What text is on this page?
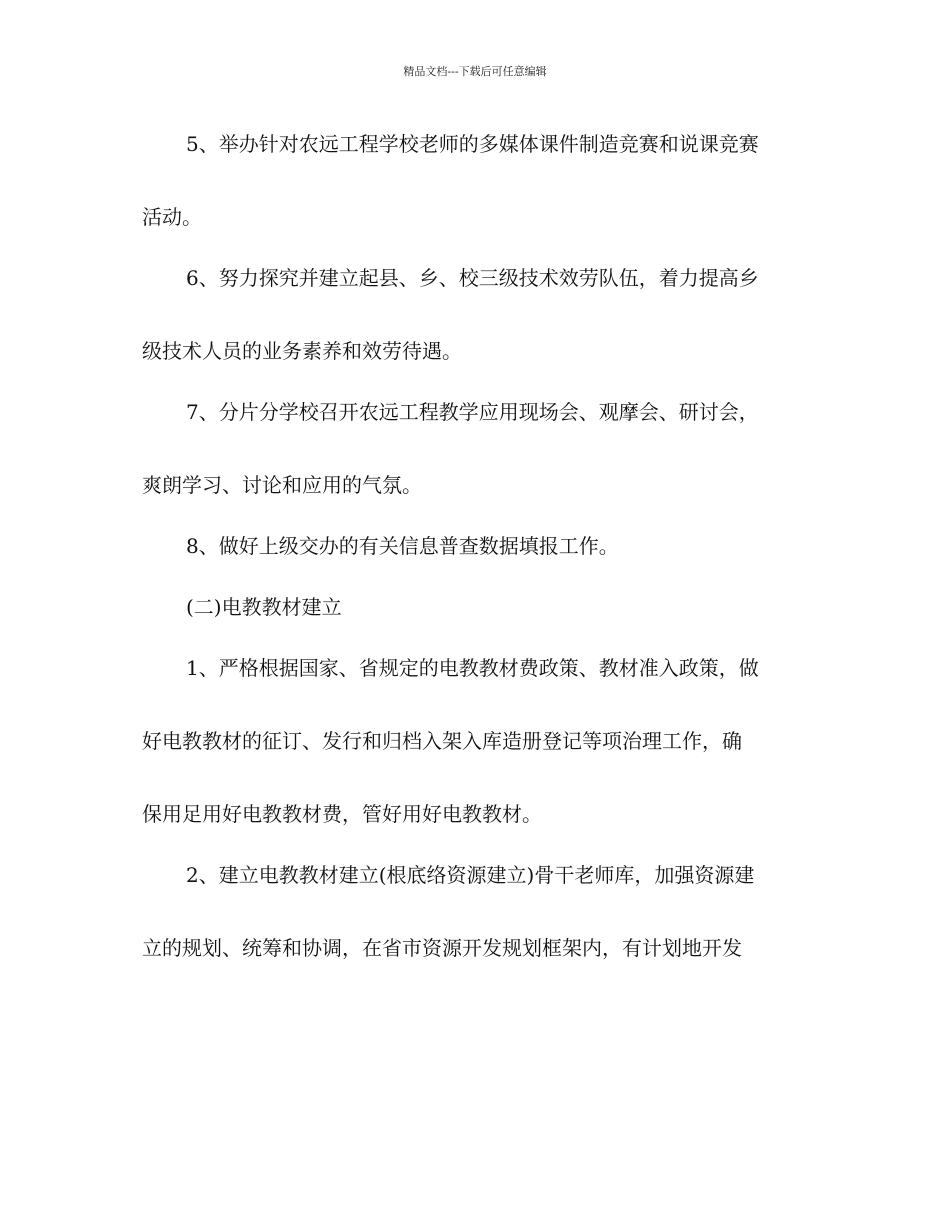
精品文档---下载后可任意编辑
5、举办针对农远工程学校老师的多媒体课件制造竞赛和说课竞赛
活动。
6、努力探究并建立起县、乡、校三级技术效劳队伍，着力提高乡
级技术人员的业务素养和效劳待遇。
7、分片分学校召开农远工程教学应用现场会、观摩会、研讨会，
爽朗学习、讨论和应用的气氛。
8、做好上级交办的有关信息普查数据填报工作。
(二)电教教材建立
1、严格根据国家、省规定的电教教材费政策、教材准入政策，做
好电教教材的征订、发行和归档入架入库造册登记等项治理工作，确
保用足用好电教教材费，管好用好电教教材。
2、建立电教教材建立(根底络资源建立)骨干老师库，加强资源建
立的规划、统筹和协调，在省市资源开发规划框架内，有计划地开发
